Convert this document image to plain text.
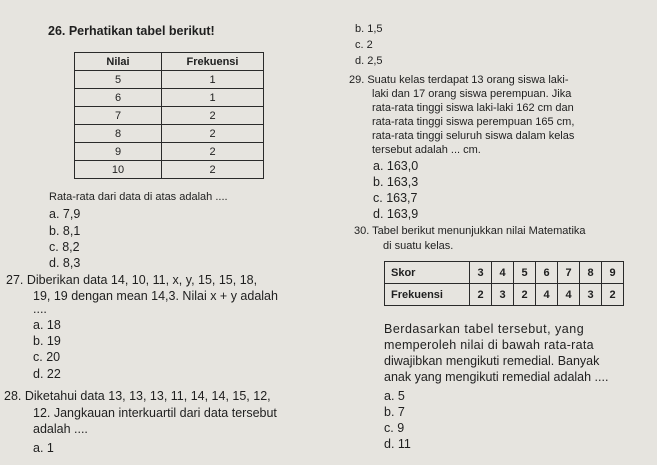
26. Perhatikan tabel berikut!
Nilai	Frekuensi
5	1
6	1
7	2
8	2
9	2
10	2
Rata-rata dari data di atas adalah ....
a. 7,9
b. 8,1
c. 8,2
d. 8,3
27. Diberikan data 14, 10, 11, x, y, 15, 15, 18,
19, 19 dengan mean 14,3. Nilai x + y adalah
....
a. 18
b. 19
c. 20
d. 22
28. Diketahui data 13, 13, 13, 11, 14, 14, 15, 12,
12. Jangkauan interkuartil dari data tersebut
adalah ....
a. 1
b. 1,5
c. 2
d. 2,5
29. Suatu kelas terdapat 13 orang siswa laki-
laki dan 17 orang siswa perempuan. Jika
rata-rata tinggi siswa laki-laki 162 cm dan
rata-rata tinggi siswa perempuan 165 cm,
rata-rata tinggi seluruh siswa dalam kelas
tersebut adalah ... cm.
a. 163,0
b. 163,3
c. 163,7
d. 163,9
30. Tabel berikut menunjukkan nilai Matematika
di suatu kelas.
Skor	3	4	5	6	7	8	9
Frekuensi	2	3	2	4	4	3	2
Berdasarkan tabel tersebut, yang
memperoleh nilai di bawah rata-rata
diwajibkan mengikuti remedial. Banyak
anak yang mengikuti remedial adalah ....
a. 5
b. 7
c. 9
d. 11
